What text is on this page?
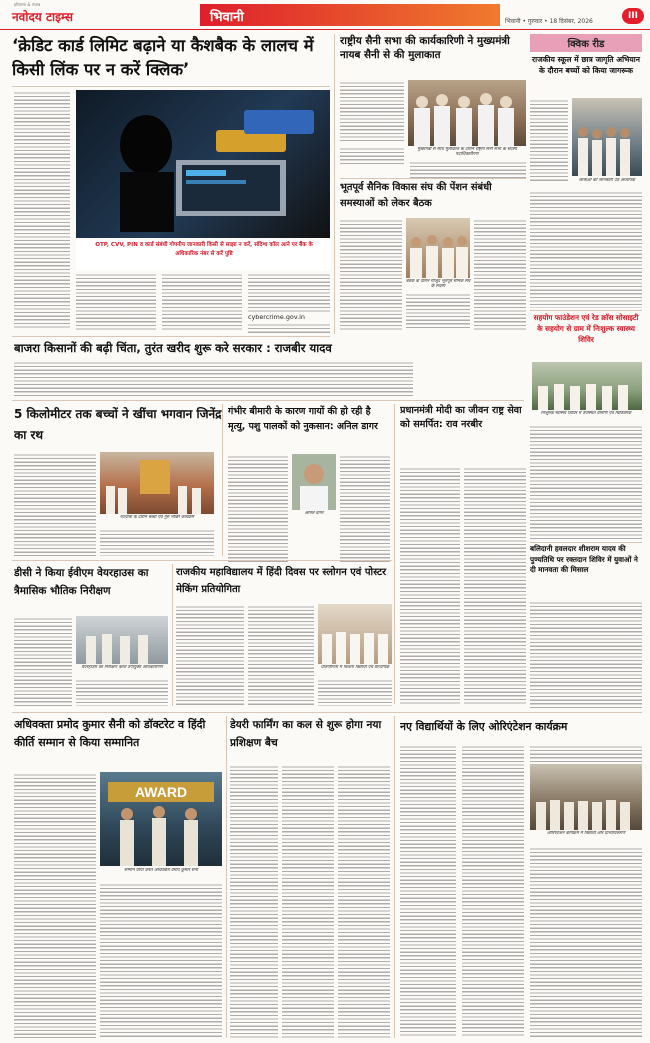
हरियाणा & पंजाब
नवोदय टाइम्स	भिवानी	भिवानी • गुरुवार • 18 दिसंबर, 2026
III
‘क्रेडिट कार्ड लिमिट बढ़ाने या कैशबैक के लालच में किसी लिंक पर न करें क्लिक’
OTP, CVV, PIN व कार्ड संबंधी गोपनीय जानकारी किसी से साझा न करें, संदिग्ध कॉल आने पर बैंक के अधिकारिक नंबर से करें पुष्टि
cybercrime.gov.in
बाजरा किसानों की बढ़ी चिंता, तुरंत खरीद शुरू करे सरकार : राजबीर यादव
राष्ट्रीय सैनी सभा की कार्यकारिणी ने मुख्यमंत्री नायब सैनी से की मुलाकात
मुख्यमंत्री से साथ मुलाकात के दौरान राष्ट्रीय सैनी सभा के सदस्य पदाधिकारीगण
भूतपूर्व सैनिक विकास संघ की पेंशन संबंधी समस्याओं को लेकर बैठक
बैठक के दौरान मौजूद भूतपूर्व सैनिक संघ के सदस्य
क्विक रीड
राजकीय स्कूल में छात्र जागृति अभियान के दौरान बच्चों को किया जागरूक
छात्राओं को जानकारी देते अध्यापक
सहयोग फाउंडेशन एवं रेड क्रॉस सोसाइटी के सहयोग से ग्राम में निःशुल्क स्वास्थ्य शिविर
निःशुल्क स्वास्थ्य शिविर में उपस्थित ग्रामीण एवं चिकित्सक
बलिदानी हवलदार शीशराम यादव की पुण्यतिथि पर रक्तदान शिविर में युवाओं ने दी मानवता की मिसाल
5 किलोमीटर तक बच्चों ने खींचा भगवान जिनेंद्र का रथ
रथयात्रा के दौरान बच्चों एवं गुरु भक्ति कार्यक्रम
गंभीर बीमारी के कारण गायों की हो रही है मृत्यु, पशु पालकों को नुकसान: अनिल डागर
अनिल डागर
प्रधानमंत्री मोदी का जीवन राष्ट्र सेवा को समर्पित: राव नरबीर
डीसी ने किया ईवीएम वेयरहाउस का त्रैमासिक भौतिक निरीक्षण
वेयरहाउस का निरीक्षण करते उपायुक्त अधिकारीगण
राजकीय महाविद्यालय में हिंदी दिवस पर स्लोगन एवं पोस्टर मेकिंग प्रतियोगिता
प्रतियोगिता में विजेता विद्यार्थी एवं प्राध्यापक
अधिवक्ता प्रमोद कुमार सैनी को डॉक्टरेट व हिंदी कीर्ति सम्मान से किया सम्मानित
AWARD
सम्मान प्राप्त करते अधिवक्ता प्रमोद कुमार सैनी
डेयरी फार्मिंग का कल से शुरू होगा नया प्रशिक्षण बैच
नए विद्यार्थियों के लिए ओरिएंटेशन कार्यक्रम
ओरिएंटेशन कार्यक्रम में विद्यार्थी और प्राध्यापकगण
